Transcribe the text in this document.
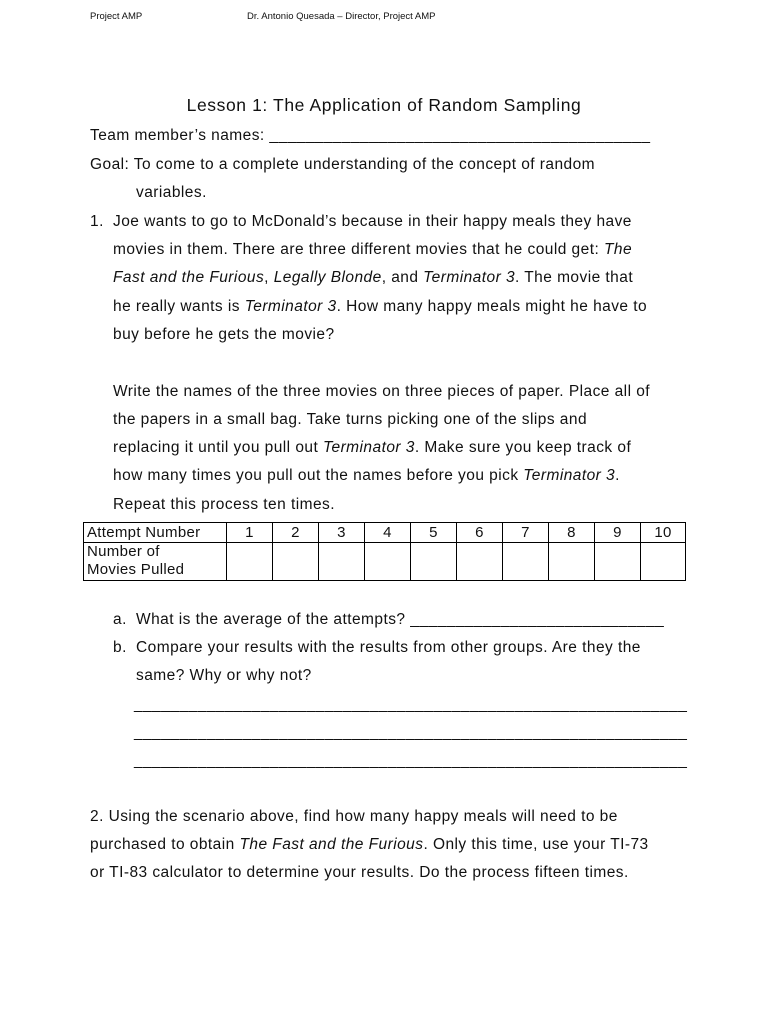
Project AMP	Dr. Antonio Quesada – Director, Project AMP
Lesson 1: The Application of Random Sampling
Team member’s names: __________________________________________
Goal: To come to a complete understanding of the concept of random
variables.
1. Joe wants to go to McDonald’s because in their happy meals they have
movies in them. There are three different movies that he could get: The
Fast and the Furious, Legally Blonde, and Terminator 3. The movie that
he really wants is Terminator 3. How many happy meals might he have to
buy before he gets the movie?
Write the names of the three movies on three pieces of paper. Place all of
the papers in a small bag. Take turns picking one of the slips and
replacing it until you pull out Terminator 3. Make sure you keep track of
how many times you pull out the names before you pick Terminator 3.
Repeat this process ten times.
Attempt Number	1	2	3	4	5	6	7	8	9	10
Number of
Movies Pulled										
a. What is the average of the attempts? ____________________________
b. Compare your results with the results from other groups. Are they the
same? Why or why not?
_____________________________________________________________
_____________________________________________________________
_____________________________________________________________
2. Using the scenario above, find how many happy meals will need to be
purchased to obtain The Fast and the Furious. Only this time, use your TI-73
or TI-83 calculator to determine your results. Do the process fifteen times.
